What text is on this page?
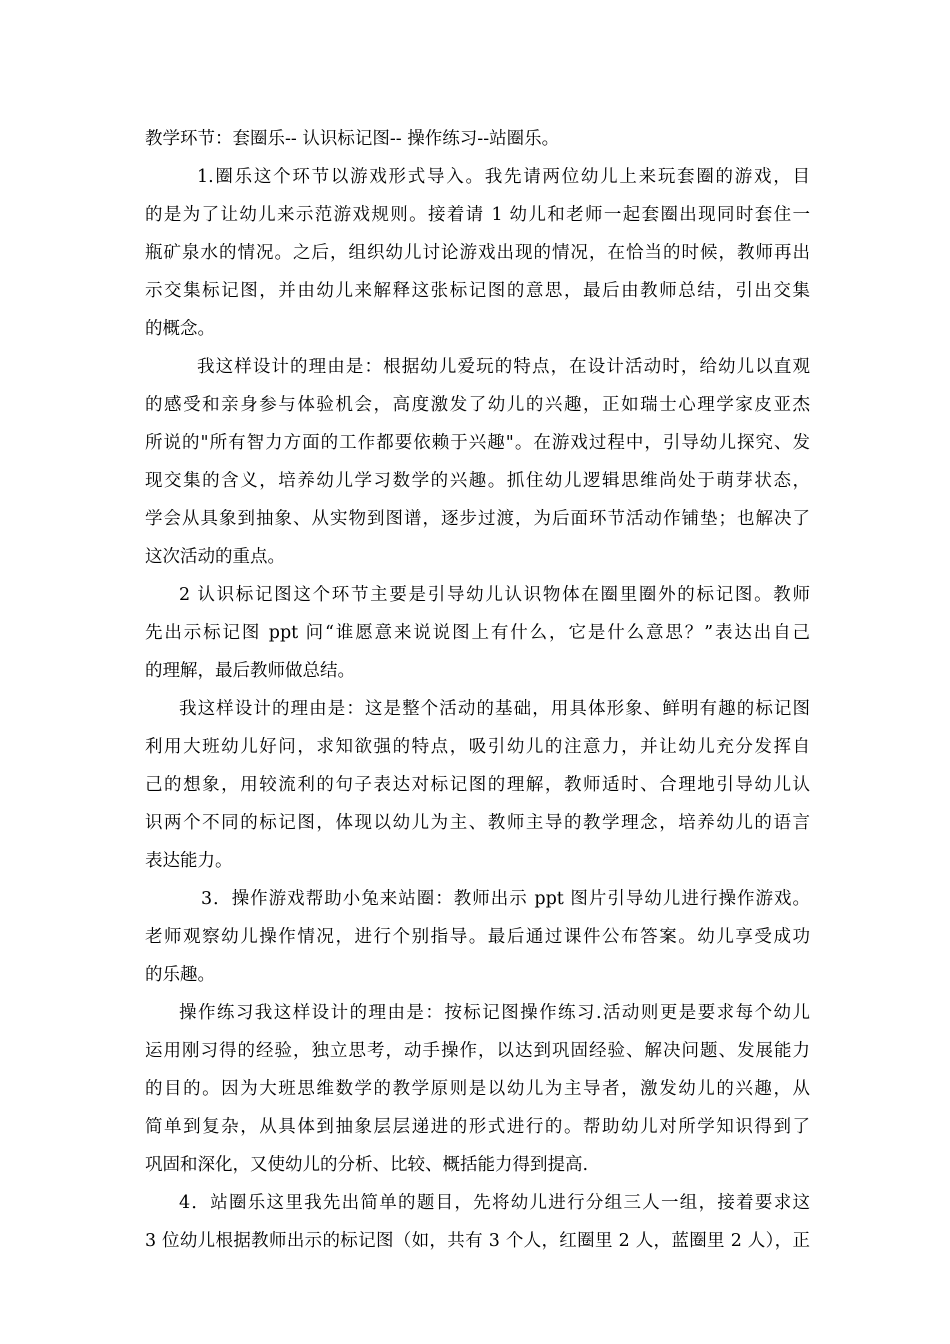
教学环节：套圈乐-- 认识标记图-- 操作练习--站圈乐。
1.圈乐这个环节以游戏形式导入。我先请两位幼儿上来玩套圈的游戏，目
的是为了让幼儿来示范游戏规则。接着请 1 幼儿和老师一起套圈出现同时套住一
瓶矿泉水的情况。之后，组织幼儿讨论游戏出现的情况，在恰当的时候，教师再出
示交集标记图，并由幼儿来解释这张标记图的意思，最后由教师总结，引出交集
的概念。
我这样设计的理由是：根据幼儿爱玩的特点，在设计活动时，给幼儿以直观
的感受和亲身参与体验机会，高度激发了幼儿的兴趣，正如瑞士心理学家皮亚杰
所说的"所有智力方面的工作都要依赖于兴趣"。在游戏过程中，引导幼儿探究、发
现交集的含义，培养幼儿学习数学的兴趣。抓住幼儿逻辑思维尚处于萌芽状态，
学会从具象到抽象、从实物到图谱，逐步过渡，为后面环节活动作铺垫；也解决了
这次活动的重点。
2 认识标记图这个环节主要是引导幼儿认识物体在圈里圈外的标记图。教师
先出示标记图 ppt 问“谁愿意来说说图上有什么，它是什么意思？”表达出自己
的理解，最后教师做总结。
我这样设计的理由是：这是整个活动的基础，用具体形象、鲜明有趣的标记图
利用大班幼儿好问，求知欲强的特点，吸引幼儿的注意力，并让幼儿充分发挥自
己的想象，用较流利的句子表达对标记图的理解，教师适时、合理地引导幼儿认
识两个不同的标记图，体现以幼儿为主、教师主导的教学理念，培养幼儿的语言
表达能力。
3．操作游戏帮助小兔来站圈：教师出示 ppt 图片引导幼儿进行操作游戏。
老师观察幼儿操作情况，进行个别指导。最后通过课件公布答案。幼儿享受成功
的乐趣。
操作练习我这样设计的理由是：按标记图操作练习.活动则更是要求每个幼儿
运用刚习得的经验，独立思考，动手操作，以达到巩固经验、解决问题、发展能力
的目的。因为大班思维数学的教学原则是以幼儿为主导者，激发幼儿的兴趣，从
简单到复杂，从具体到抽象层层递进的形式进行的。帮助幼儿对所学知识得到了
巩固和深化，又使幼儿的分析、比较、概括能力得到提高.
4．站圈乐这里我先出简单的题目，先将幼儿进行分组三人一组，接着要求这
3 位幼儿根据教师出示的标记图（如，共有 3 个人，红圈里 2 人，蓝圈里 2 人），正
